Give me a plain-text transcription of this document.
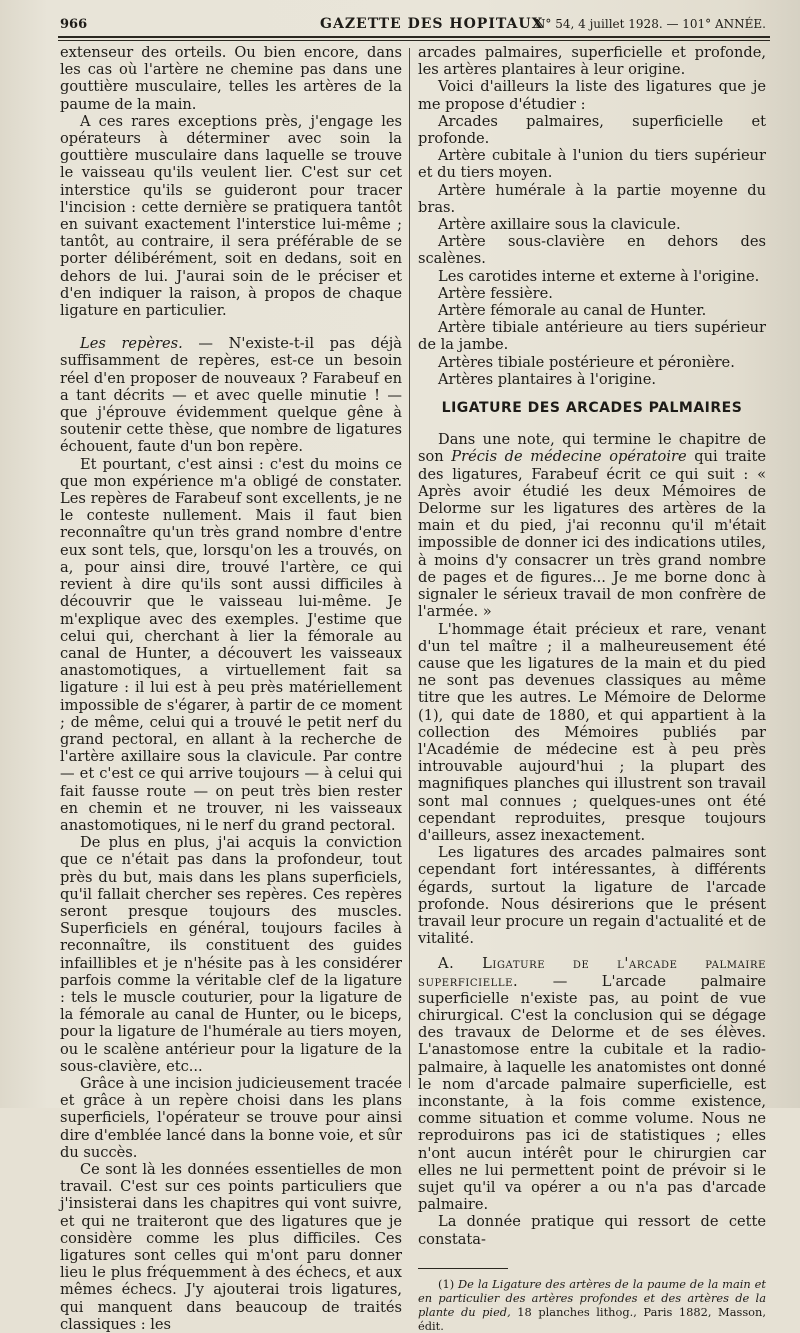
966	GAZETTE DES HOPITAUX
N° 54, 4 juillet 1928. — 101° ANNÉE.

extenseur des orteils. Ou bien encore, dans les cas où l'artère ne chemine pas dans une gouttière musculaire, telles les artères de la paume de la main.

A ces rares exceptions près, j'engage les opérateurs à déterminer avec soin la gouttière musculaire dans laquelle se trouve le vaisseau qu'ils veulent lier. C'est sur cet interstice qu'ils se guideront pour tracer l'incision : cette dernière se pratiquera tantôt en suivant exactement l'interstice lui-même ; tantôt, au contraire, il sera préférable de se porter délibérément, soit en dedans, soit en dehors de lui. J'aurai soin de le préciser et d'en indiquer la raison, à propos de chaque ligature en particulier.

Les repères. — N'existe-t-il pas déjà suffisamment de repères, est-ce un besoin réel d'en proposer de nouveaux ? Farabeuf en a tant décrits — et avec quelle minutie ! — que j'éprouve évidemment quelque gêne à soutenir cette thèse, que nombre de ligatures échouent, faute d'un bon repère.

Et pourtant, c'est ainsi : c'est du moins ce que mon expérience m'a obligé de constater. Les repères de Farabeuf sont excellents, je ne le conteste nullement. Mais il faut bien reconnaître qu'un très grand nombre d'entre eux sont tels, que, lorsqu'on les a trouvés, on a, pour ainsi dire, trouvé l'artère, ce qui revient à dire qu'ils sont aussi difficiles à découvrir que le vaisseau lui-même. Je m'explique avec des exemples. J'estime que celui qui, cherchant à lier la fémorale au canal de Hunter, a découvert les vaisseaux anastomotiques, a virtuellement fait sa ligature : il lui est à peu près matériellement impossible de s'égarer, à partir de ce moment ; de même, celui qui a trouvé le petit nerf du grand pectoral, en allant à la recherche de l'artère axillaire sous la clavicule. Par contre — et c'est ce qui arrive toujours — à celui qui fait fausse route — on peut très bien rester en chemin et ne trouver, ni les vaisseaux anastomotiques, ni le nerf du grand pectoral.

De plus en plus, j'ai acquis la conviction que ce n'était pas dans la profondeur, tout près du but, mais dans les plans superficiels, qu'il fallait chercher ses repères. Ces repères seront presque toujours des muscles. Superficiels en général, toujours faciles à reconnaître, ils constituent des guides infaillibles et je n'hésite pas à les considérer parfois comme la véritable clef de la ligature : tels le muscle couturier, pour la ligature de la fémorale au canal de Hunter, ou le biceps, pour la ligature de l'humérale au tiers moyen, ou le scalène antérieur pour la ligature de la sous-clavière, etc...

Grâce à une incision judicieusement tracée et grâce à un repère choisi dans les plans superficiels, l'opérateur se trouve pour ainsi dire d'emblée lancé dans la bonne voie, et sûr du succès.

Ce sont là les données essentielles de mon travail. C'est sur ces points particuliers que j'insisterai dans les chapitres qui vont suivre, et qui ne traiteront que des ligatures que je considère comme les plus difficiles. Ces ligatures sont celles qui m'ont paru donner lieu le plus fréquemment à des échecs, et aux mêmes échecs. J'y ajouterai trois ligatures, qui manquent dans beaucoup de traités classiques : les

arcades palmaires, superficielle et profonde, les artères plantaires à leur origine.

Voici d'ailleurs la liste des ligatures que je me propose d'étudier :

Arcades palmaires, superficielle et profonde.

Artère cubitale à l'union du tiers supérieur et du tiers moyen.

Artère humérale à la partie moyenne du bras.

Artère axillaire sous la clavicule.

Artère sous-clavière en dehors des scalènes.

Les carotides interne et externe à l'origine.

Artère fessière.

Artère fémorale au canal de Hunter.

Artère tibiale antérieure au tiers supérieur de la jambe.

Artères tibiale postérieure et péronière.

Artères plantaires à l'origine.

LIGATURE DES ARCADES PALMAIRES

Dans une note, qui termine le chapitre de son Précis de médecine opératoire qui traite des ligatures, Farabeuf écrit ce qui suit : « Après avoir étudié les deux Mémoires de Delorme sur les ligatures des artères de la main et du pied, j'ai reconnu qu'il m'était impossible de donner ici des indications utiles, à moins d'y consacrer un très grand nombre de pages et de figures... Je me borne donc à signaler le sérieux travail de mon confrère de l'armée. »

L'hommage était précieux et rare, venant d'un tel maître ; il a malheureusement été cause que les ligatures de la main et du pied ne sont pas devenues classiques au même titre que les autres. Le Mémoire de Delorme (1), qui date de 1880, et qui appartient à la collection des Mémoires publiés par l'Académie de médecine est à peu près introuvable aujourd'hui ; la plupart des magnifiques planches qui illustrent son travail sont mal connues ; quelques-unes ont été cependant reproduites, presque toujours d'ailleurs, assez inexactement.

Les ligatures des arcades palmaires sont cependant fort intéressantes, à différents égards, surtout la ligature de l'arcade profonde. Nous désirerions que le présent travail leur procure un regain d'actualité et de vitalité.

A. Ligature de l'arcade palmaire superficielle. — L'arcade palmaire superficielle n'existe pas, au point de vue chirurgical. C'est la conclusion qui se dégage des travaux de Delorme et de ses élèves. L'anastomose entre la cubitale et la radio-palmaire, à laquelle les anatomistes ont donné le nom d'arcade palmaire superficielle, est inconstante, à la fois comme existence, comme situation et comme volume. Nous ne reproduirons pas ici de statistiques ; elles n'ont aucun intérêt pour le chirurgien car elles ne lui permettent point de prévoir si le sujet qu'il va opérer a ou n'a pas d'arcade palmaire.

La donnée pratique qui ressort de cette constata-

(1) De la Ligature des artères de la paume de la main et en particulier des artères profondes et des artères de la plante du pied, 18 planches lithog., Paris 1882, Masson, édit.
